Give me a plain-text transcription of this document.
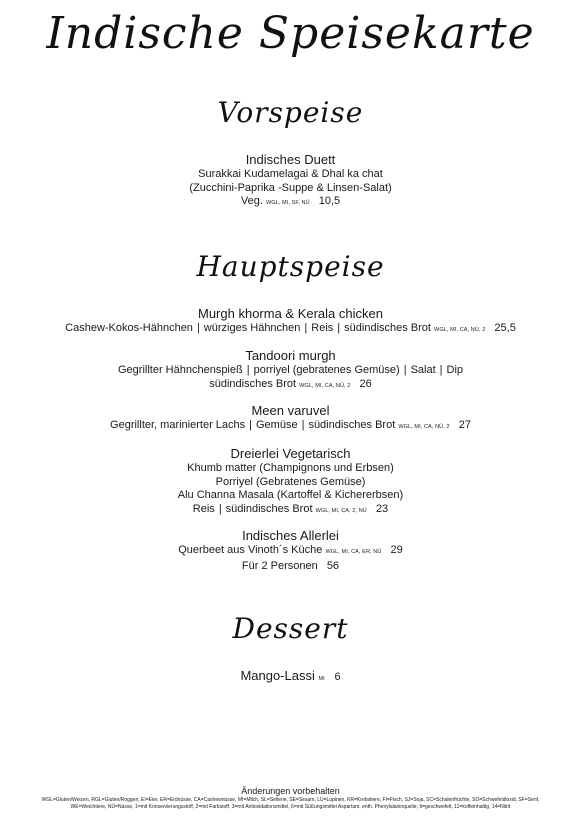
Indische Speisekarte
Vorspeise
Indisches Duett
Surakkai Kudamelagai & Dhal ka chat
(Zucchini-Paprika -Suppe & Linsen-Salat)
Veg. WGL, MI, SF, NÜ 10,5
Hauptspeise
Murgh khorma & Kerala chicken
Cashew-Kokos-Hähnchen | würziges Hähnchen | Reis | südindisches Brot WGL, MI, CA, NÜ, 2 25,5
Tandoori murgh
Gegrillter Hähnchenspieß | porriyel (gebratenes Gemüse) | Salat | Dip
südindisches Brot WGL, MI, CA, NÜ, 2 26
Meen varuvel
Gegrillter, marinierter Lachs | Gemüse | südindisches Brot WGL, MI, CA, NÜ, 2 27
Dreierlei Vegetarisch
Khumb matter (Champignons und Erbsen)
Porriyel (Gebratenes Gemüse)
Alu Channa Masala (Kartoffel & Kichererbsen)
Reis | südindisches Brot WGL, MI, CA, 2, NÜ 23
Indisches Allerlei
Querbeet aus Vinoth´s Küche WGL, MI, CA, ER, NÜ 29
Für 2 Personen 56
Dessert
Mango-Lassi MI 6
Änderungen vorbehalten
WGL=Gluten/Weizen, RGL=Gluten/Roggen, EI=Eier, ER=Erdnüsse, CA=Cashewnüsse, MI=Milch, SL=Sellerie, SE=Sesam, LU=Lupinen, KR=Krebstiere, FI=Fisch, SJ=Soja, SC=Schalenfrüchte, SO=Schwefeldioxid, SF=Senf,
WE=Weichtiere, NÜ=Nüsse, 1=mit Konservierungsstoff, 2=mit Farbstoff, 3=mit Antioxidationsmittel, 6=mit Süßungsmittel Aspartam, enth. Phenylalaninquelle, 9=geschwefelt, 11=koffeinhaltig, 14=Nitrit
